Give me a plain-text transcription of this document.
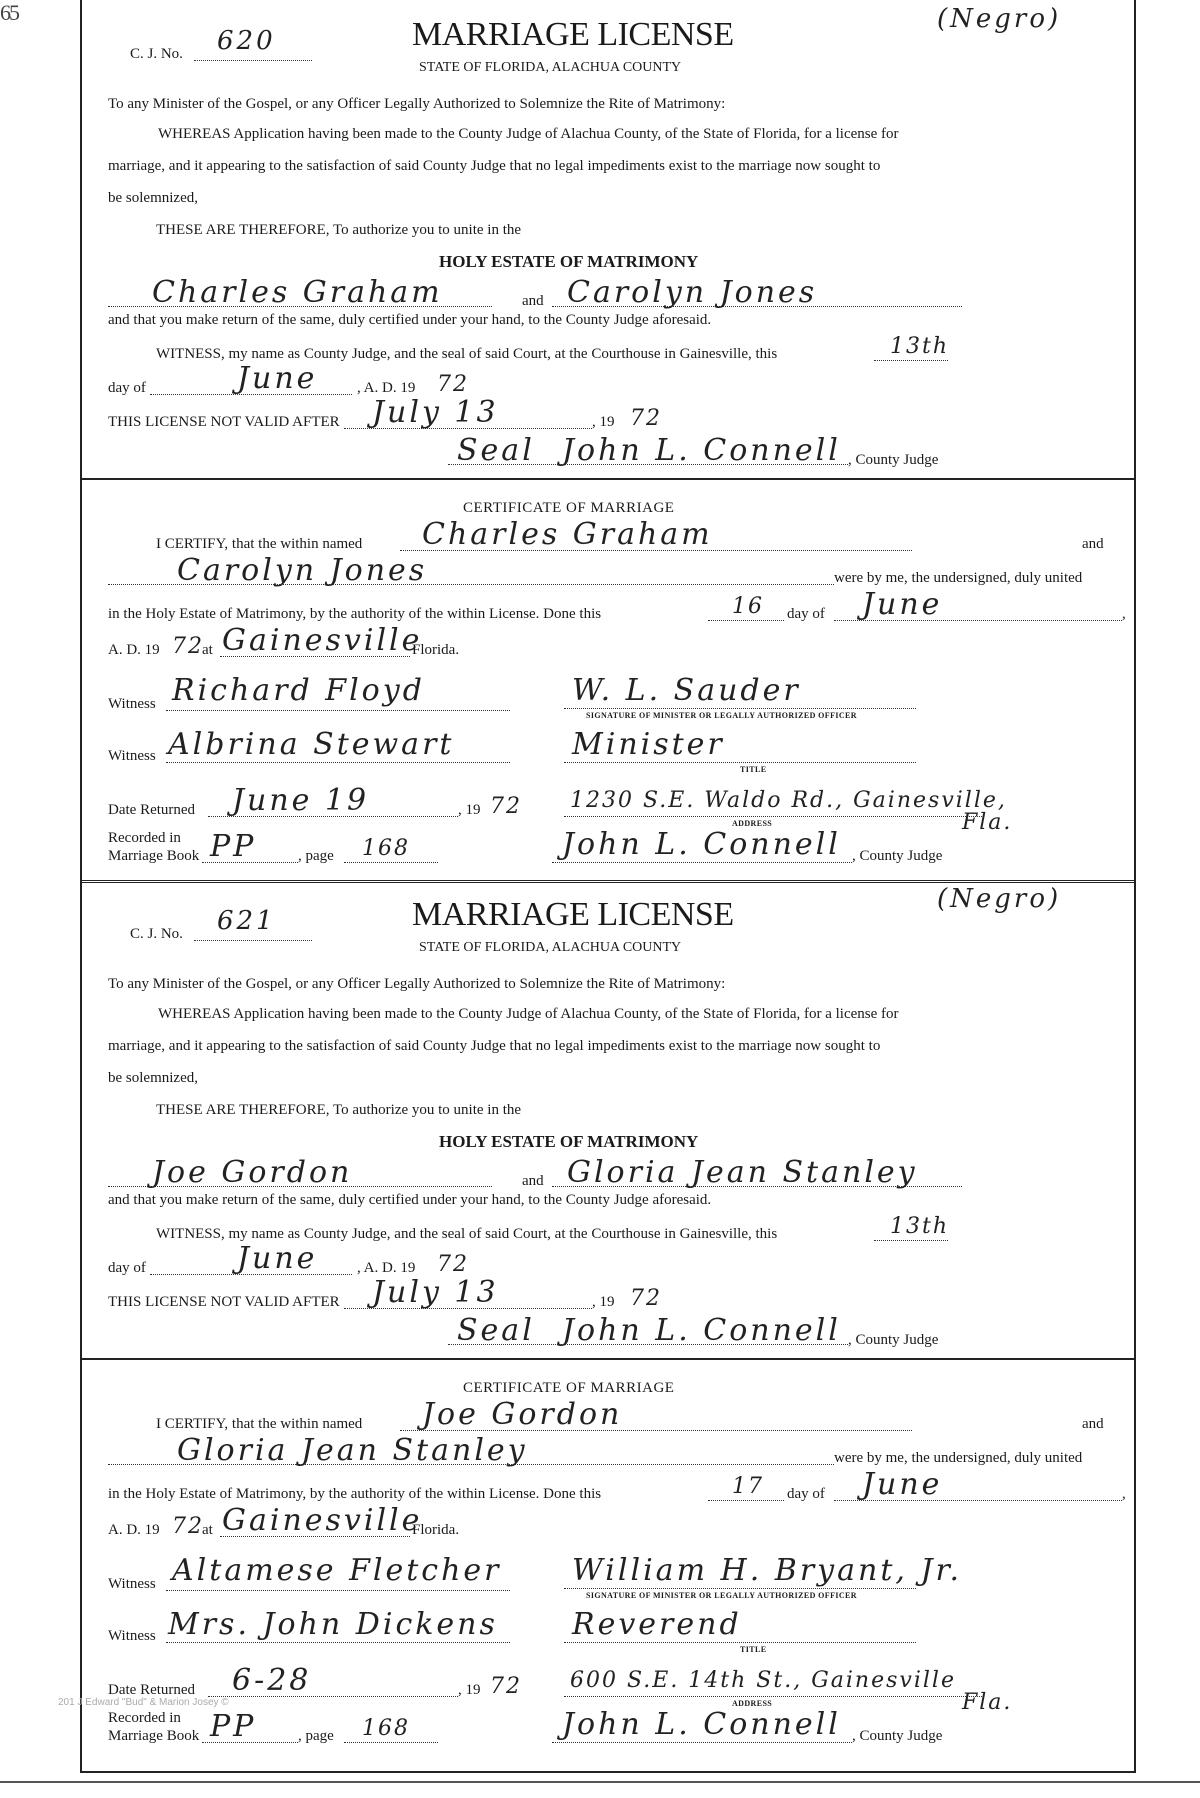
65
C. J. No. 620	MARRIAGE LICENSE	(Negro)
STATE OF FLORIDA, ALACHUA COUNTY
To any Minister of the Gospel, or any Officer Legally Authorized to Solemnize the Rite of Matrimony:
WHEREAS Application having been made to the County Judge of Alachua County, of the State of Florida, for a license for
marriage, and it appearing to the satisfaction of said County Judge that no legal impediments exist to the marriage now sought to
be solemnized,
THESE ARE THEREFORE, To authorize you to unite in the
HOLY ESTATE OF MATRIMONY
Charles Graham	and Carolyn Jones
and that you make return of the same, duly certified under your hand, to the County Judge aforesaid.
WITNESS, my name as County Judge, and the seal of said Court, at the Courthouse in Gainesville, this	13th
day of	June	, A. D. 19 72
THIS LICENSE NOT VALID AFTER July 13	, 19 72
Seal John L. Connell , County Judge
CERTIFICATE OF MARRIAGE
I CERTIFY, that the within named Charles Graham	and
Carolyn Jones	were by me, the undersigned, duly united
in the Holy Estate of Matrimony, by the authority of the within License. Done this	16 day of June	,
A. D. 19 72
at Gainesville
Florida.
Witness Richard Floyd	W. L. Sauder
SIGNATURE OF MINISTER OR LEGALLY AUTHORIZED OFFICER
Witness Albrina Stewart	Minister
TITLE
Date Returned June 19	, 19 72 1230 S.E. Waldo Rd., Gainesville,
Fla.
ADDRESS
Recorded in
Marriage Book PP	, page 168	John L. Connell , County Judge
C. J. No. 621	MARRIAGE LICENSE	(Negro)
STATE OF FLORIDA, ALACHUA COUNTY
To any Minister of the Gospel, or any Officer Legally Authorized to Solemnize the Rite of Matrimony:
WHEREAS Application having been made to the County Judge of Alachua County, of the State of Florida, for a license for
marriage, and it appearing to the satisfaction of said County Judge that no legal impediments exist to the marriage now sought to
be solemnized,
THESE ARE THEREFORE, To authorize you to unite in the
HOLY ESTATE OF MATRIMONY
Joe Gordon	and Gloria Jean Stanley
and that you make return of the same, duly certified under your hand, to the County Judge aforesaid.
WITNESS, my name as County Judge, and the seal of said Court, at the Courthouse in Gainesville, this	13th
day of	June	, A. D. 19 72
THIS LICENSE NOT VALID AFTER July 13	, 19 72
Seal John L. Connell , County Judge
CERTIFICATE OF MARRIAGE
I CERTIFY, that the within named Joe Gordon	and
Gloria Jean Stanley	were by me, the undersigned, duly united
in the Holy Estate of Matrimony, by the authority of the within License. Done this	17 day of June	,
A. D. 19 72
at Gainesville
Florida.
Witness Altamese Fletcher William H. Bryant, Jr.
SIGNATURE OF MINISTER OR LEGALLY AUTHORIZED OFFICER
Witness Mrs. John Dickens Reverend
TITLE
Date Returned 6-28	, 19 72 600 S.E. 14th St., Gainesville
Fla.
ADDRESS
Recorded in
Marriage Book PP	, page 168	John L. Connell , County Judge
201 J Edward "Bud" & Marion Josey ©
